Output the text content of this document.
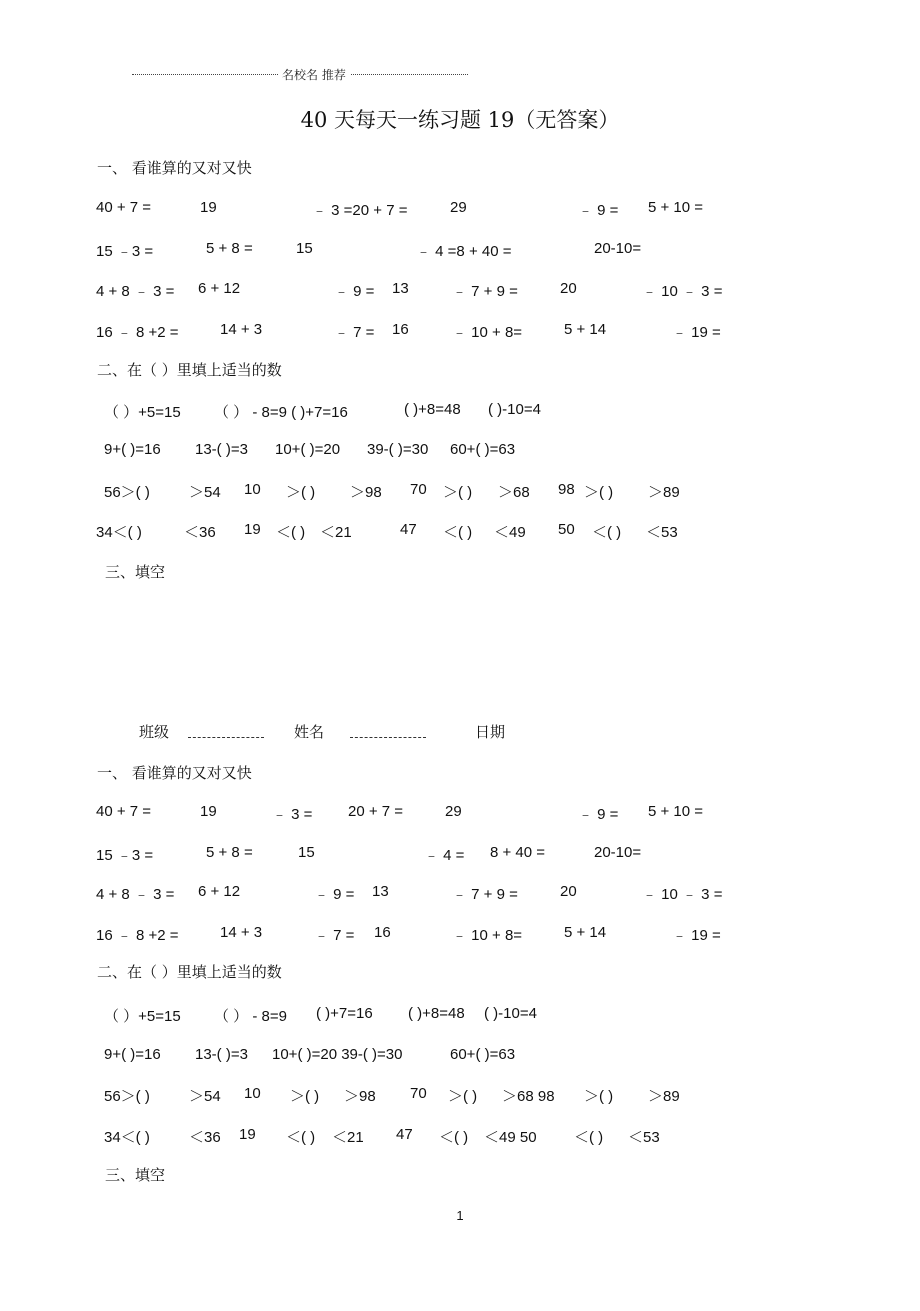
名校名 推荐
40 天每天一练习题 19（无答案）
一、 看谁算的又对又快
40 + 7 =	19	﹣ 3 =20 + 7 =	29	﹣ 9 = 5 + 10 =
15 ﹣3 =	5 + 8 =	15	﹣ 4 =8 + 40 =	20-10=
4 + 8 ﹣ 3 = 6 + 12	﹣ 9 = 13	﹣ 7 + 9 =	20	﹣ 10 ﹣ 3 =
16 ﹣ 8 +2 =	14 + 3	﹣ 7 = 16	﹣ 10 + 8=	5 + 14	﹣ 19 =
二、在（ ）里填上适当的数
（ ）+5=15 （ ） - 8=9 ( )+7=16	( )+8=48 ( )-10=4
9+( )=16 13-( )=3 10+( )=20 39-( )=30 60+( )=63
56＞( )	＞54 10 ＞( ) ＞98 70 ＞( ) ＞68 98 ＞( ) ＞89
34＜( )	＜36 19 ＜( ) ＜21	47 ＜( ) ＜49 50 ＜( ) ＜53
三、填空
班级	姓名	日期
一、 看谁算的又对又快
40 + 7 =	19	﹣ 3 = 20 + 7 =	29	﹣ 9 = 5 + 10 =
15 ﹣3 =	5 + 8 =	15	﹣ 4 = 8 + 40 =	20-10=
4 + 8 ﹣ 3 = 6 + 12	﹣ 9 = 13	﹣ 7 + 9 =	20	﹣ 10 ﹣ 3 =
16 ﹣ 8 +2 =	14 + 3	﹣ 7 = 16	﹣ 10 + 8=	5 + 14	﹣ 19 =
二、在（ ）里填上适当的数
（ ）+5=15 （ ） - 8=9 ( )+7=16 ( )+8=48 ( )-10=4
9+( )=16 13-( )=3 10+( )=20 39-( )=30	60+( )=63
56＞( )	＞54 10 ＞( ) ＞98 70 ＞( ) ＞68 98 ＞( ) ＞89
34＜( )	＜36 19 ＜( ) ＜21 47 ＜( ) ＜49 50 ＜( ) ＜53
三、填空
1
